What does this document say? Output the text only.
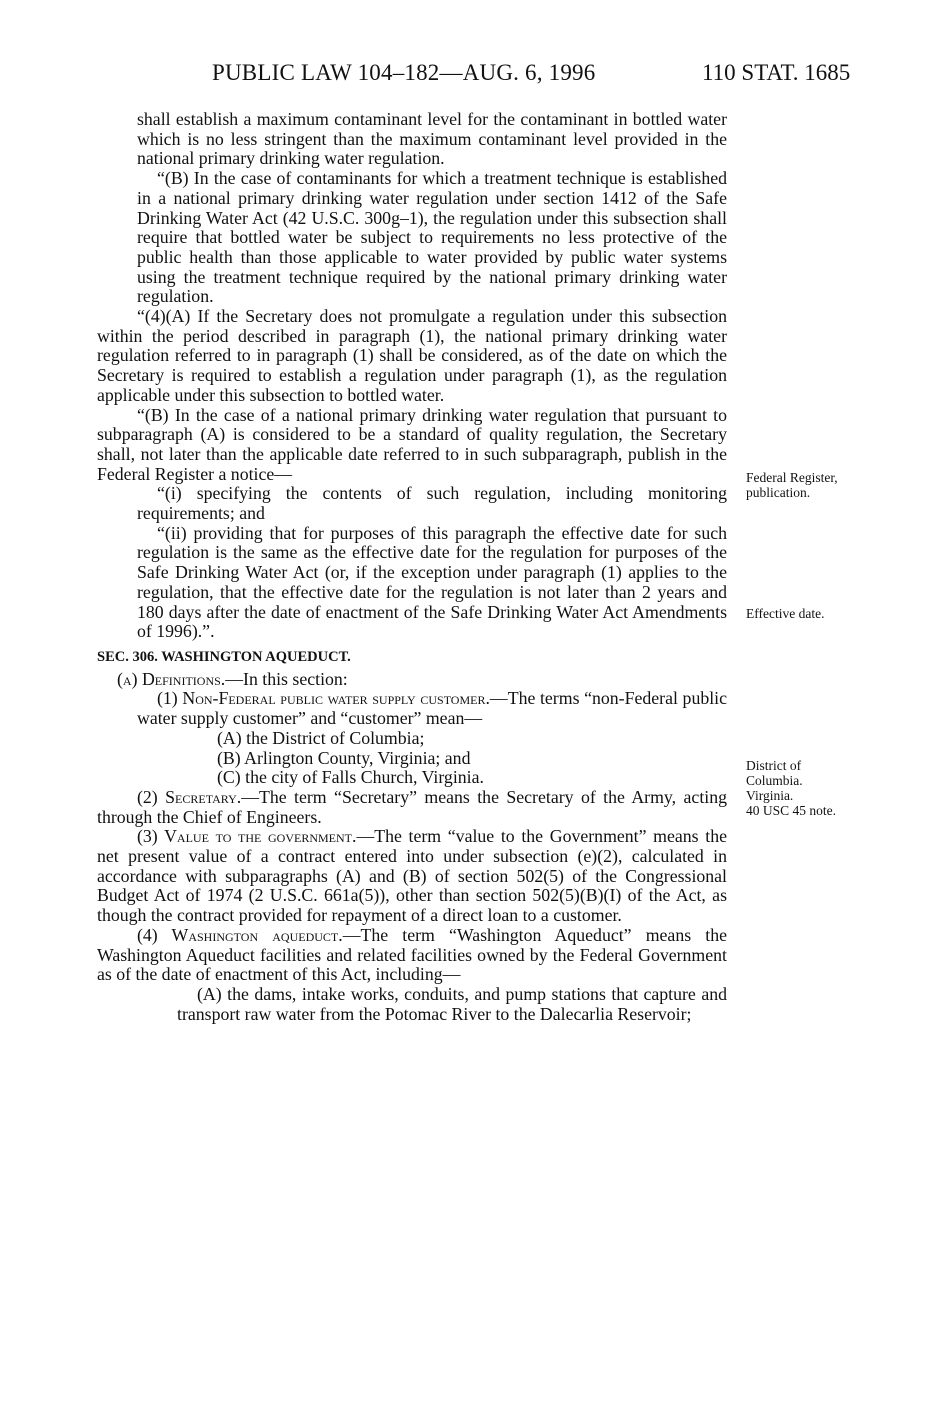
PUBLIC LAW 104–182—AUG. 6, 1996	110 STAT. 1685

shall establish a maximum contaminant level for the contaminant in bottled water which is no less stringent than the maximum contaminant level provided in the national primary drinking water regulation.

“(B) In the case of contaminants for which a treatment technique is established in a national primary drinking water regulation under section 1412 of the Safe Drinking Water Act (42 U.S.C. 300g–1), the regulation under this subsection shall require that bottled water be subject to requirements no less protective of the public health than those applicable to water provided by public water systems using the treatment technique required by the national primary drinking water regulation.

“(4)(A) If the Secretary does not promulgate a regulation under this subsection within the period described in paragraph (1), the national primary drinking water regulation referred to in paragraph (1) shall be considered, as of the date on which the Secretary is required to establish a regulation under paragraph (1), as the regulation applicable under this subsection to bottled water.

“(B) In the case of a national primary drinking water regulation that pursuant to subparagraph (A) is considered to be a standard of quality regulation, the Secretary shall, not later than the applicable date referred to in such subparagraph, publish in the Federal Register a notice—

“(i) specifying the contents of such regulation, including monitoring requirements; and

“(ii) providing that for purposes of this paragraph the effective date for such regulation is the same as the effective date for the regulation for purposes of the Safe Drinking Water Act (or, if the exception under paragraph (1) applies to the regulation, that the effective date for the regulation is not later than 2 years and 180 days after the date of enactment of the Safe Drinking Water Act Amendments of 1996).”.

SEC. 306. WASHINGTON AQUEDUCT.

(a) Definitions.—In this section:

(1) Non-Federal public water supply customer.—The terms “non-Federal public water supply customer” and “customer” mean—

(A) the District of Columbia;

(B) Arlington County, Virginia; and

(C) the city of Falls Church, Virginia.

(2) Secretary.—The term “Secretary” means the Secretary of the Army, acting through the Chief of Engineers.

(3) Value to the government.—The term “value to the Government” means the net present value of a contract entered into under subsection (e)(2), calculated in accordance with subparagraphs (A) and (B) of section 502(5) of the Congressional Budget Act of 1974 (2 U.S.C. 661a(5)), other than section 502(5)(B)(I) of the Act, as though the contract provided for repayment of a direct loan to a customer.

(4) Washington aqueduct.—The term “Washington Aqueduct” means the Washington Aqueduct facilities and related facilities owned by the Federal Government as of the date of enactment of this Act, including—

(A) the dams, intake works, conduits, and pump stations that capture and transport raw water from the Potomac River to the Dalecarlia Reservoir;

Federal Register,
publication.
Effective date.
District of
Columbia.
Virginia.
40 USC 45 note.
